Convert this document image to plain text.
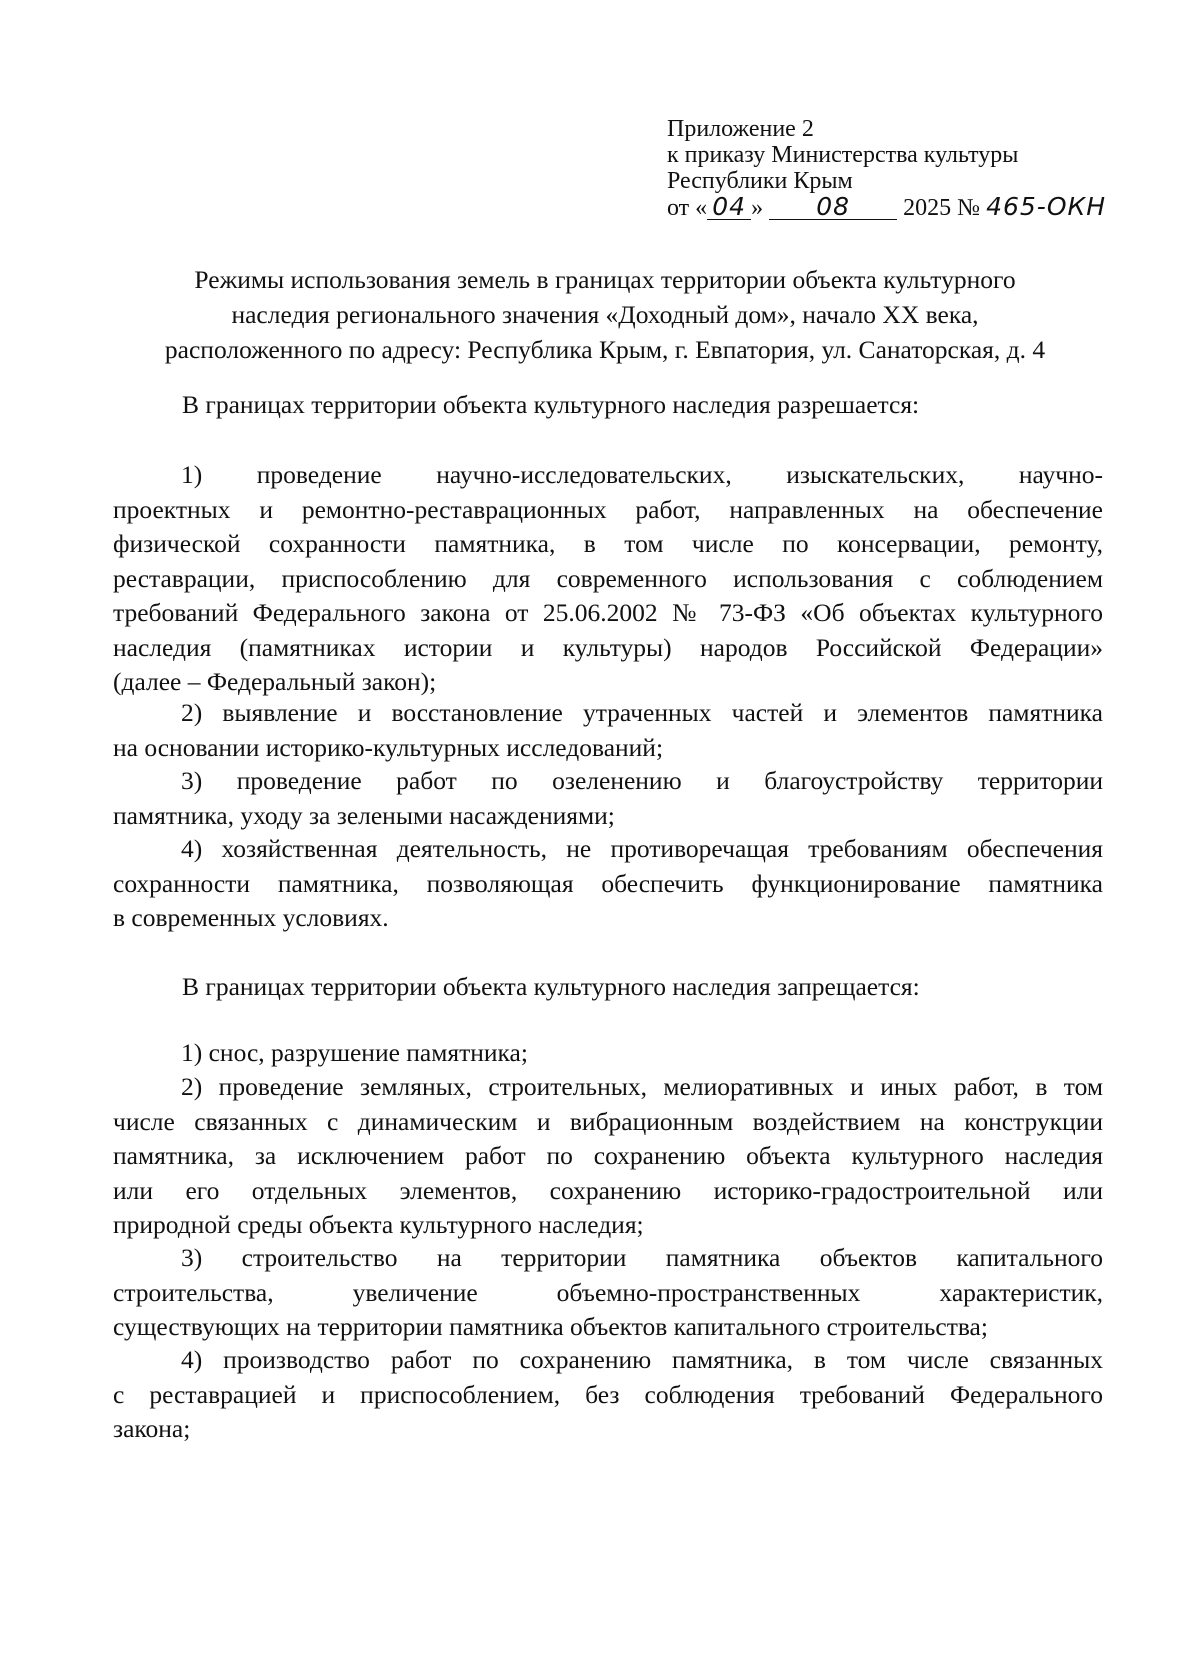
Приложение 2
к приказу Министерства культуры
Республики Крым
от « 04 » 08 2025 № 465-ОКН
Режимы использования земель в границах территории объекта культурного
наследия регионального значения «Доходный дом», начало XX века,
расположенного по адресу: Республика Крым, г. Евпатория, ул. Санаторская, д. 4
В границах территории объекта культурного наследия разрешается:
1) проведение научно-исследовательских, изыскательских, научно-
проектных и ремонтно-реставрационных работ, направленных на обеспечение
физической сохранности памятника, в том числе по консервации, ремонту,
реставрации, приспособлению для современного использования с соблюдением
требований Федерального закона от 25.06.2002 № 73-ФЗ «Об объектах культурного
наследия (памятниках истории и культуры) народов Российской Федерации»
(далее – Федеральный закон);
2) выявление и восстановление утраченных частей и элементов памятника
на основании историко-культурных исследований;
3) проведение работ по озеленению и благоустройству территории
памятника, уходу за зелеными насаждениями;
4) хозяйственная деятельность, не противоречащая требованиям обеспечения
сохранности памятника, позволяющая обеспечить функционирование памятника
в современных условиях.
В границах территории объекта культурного наследия запрещается:
1) снос, разрушение памятника;
2) проведение земляных, строительных, мелиоративных и иных работ, в том
числе связанных с динамическим и вибрационным воздействием на конструкции
памятника, за исключением работ по сохранению объекта культурного наследия
или его отдельных элементов, сохранению историко-градостроительной или
природной среды объекта культурного наследия;
3) строительство на территории памятника объектов капитального
строительства, увеличение объемно-пространственных характеристик,
существующих на территории памятника объектов капитального строительства;
4) производство работ по сохранению памятника, в том числе связанных
с реставрацией и приспособлением, без соблюдения требований Федерального
закона;
